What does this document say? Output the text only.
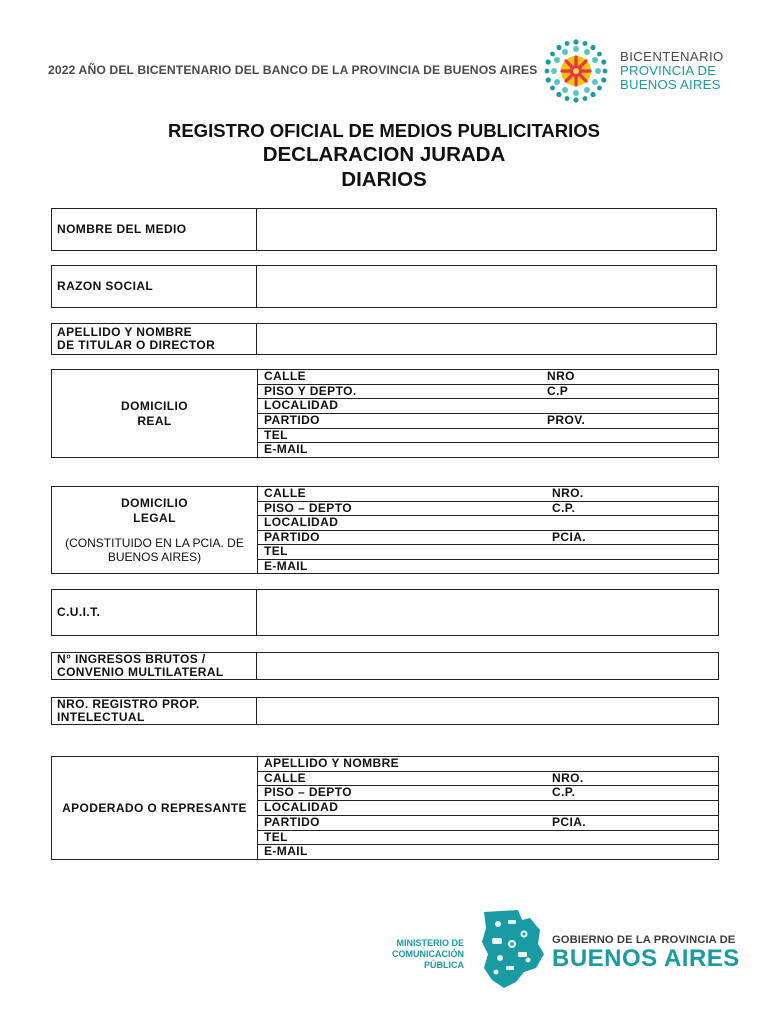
2022 AÑO DEL BICENTENARIO DEL BANCO DE LA PROVINCIA DE BUENOS AIRES
BICENTENARIO
PROVINCIA DE
BUENOS AIRES
REGISTRO OFICIAL DE MEDIOS PUBLICITARIOS
DECLARACION JURADA
DIARIOS
NOMBRE DEL MEDIO
RAZON SOCIAL
APELLIDO Y NOMBRE
DE TITULAR O DIRECTOR
DOMICILIO
REAL
CALLE	NRO
PISO Y DEPTO.	C.P
LOCALIDAD
PARTIDO	PROV.
TEL
E-MAIL
DOMICILIO
LEGAL
(CONSTITUIDO EN LA PCIA. DE
BUENOS AIRES)
CALLE	NRO.
PISO – DEPTO	C.P.
LOCALIDAD
PARTIDO	PCIA.
TEL
E-MAIL
C.U.I.T.
N° INGRESOS BRUTOS /
CONVENIO MULTILATERAL
NRO. REGISTRO PROP.
INTELECTUAL
APODERADO O REPRESANTE
APELLIDO Y NOMBRE
CALLE	NRO.
PISO – DEPTO	C.P.
LOCALIDAD
PARTIDO	PCIA.
TEL
E-MAIL
MINISTERIO DE
COMUNICACIÓN PÚBLICA
GOBIERNO DE LA PROVINCIA DE
BUENOS AIRES
